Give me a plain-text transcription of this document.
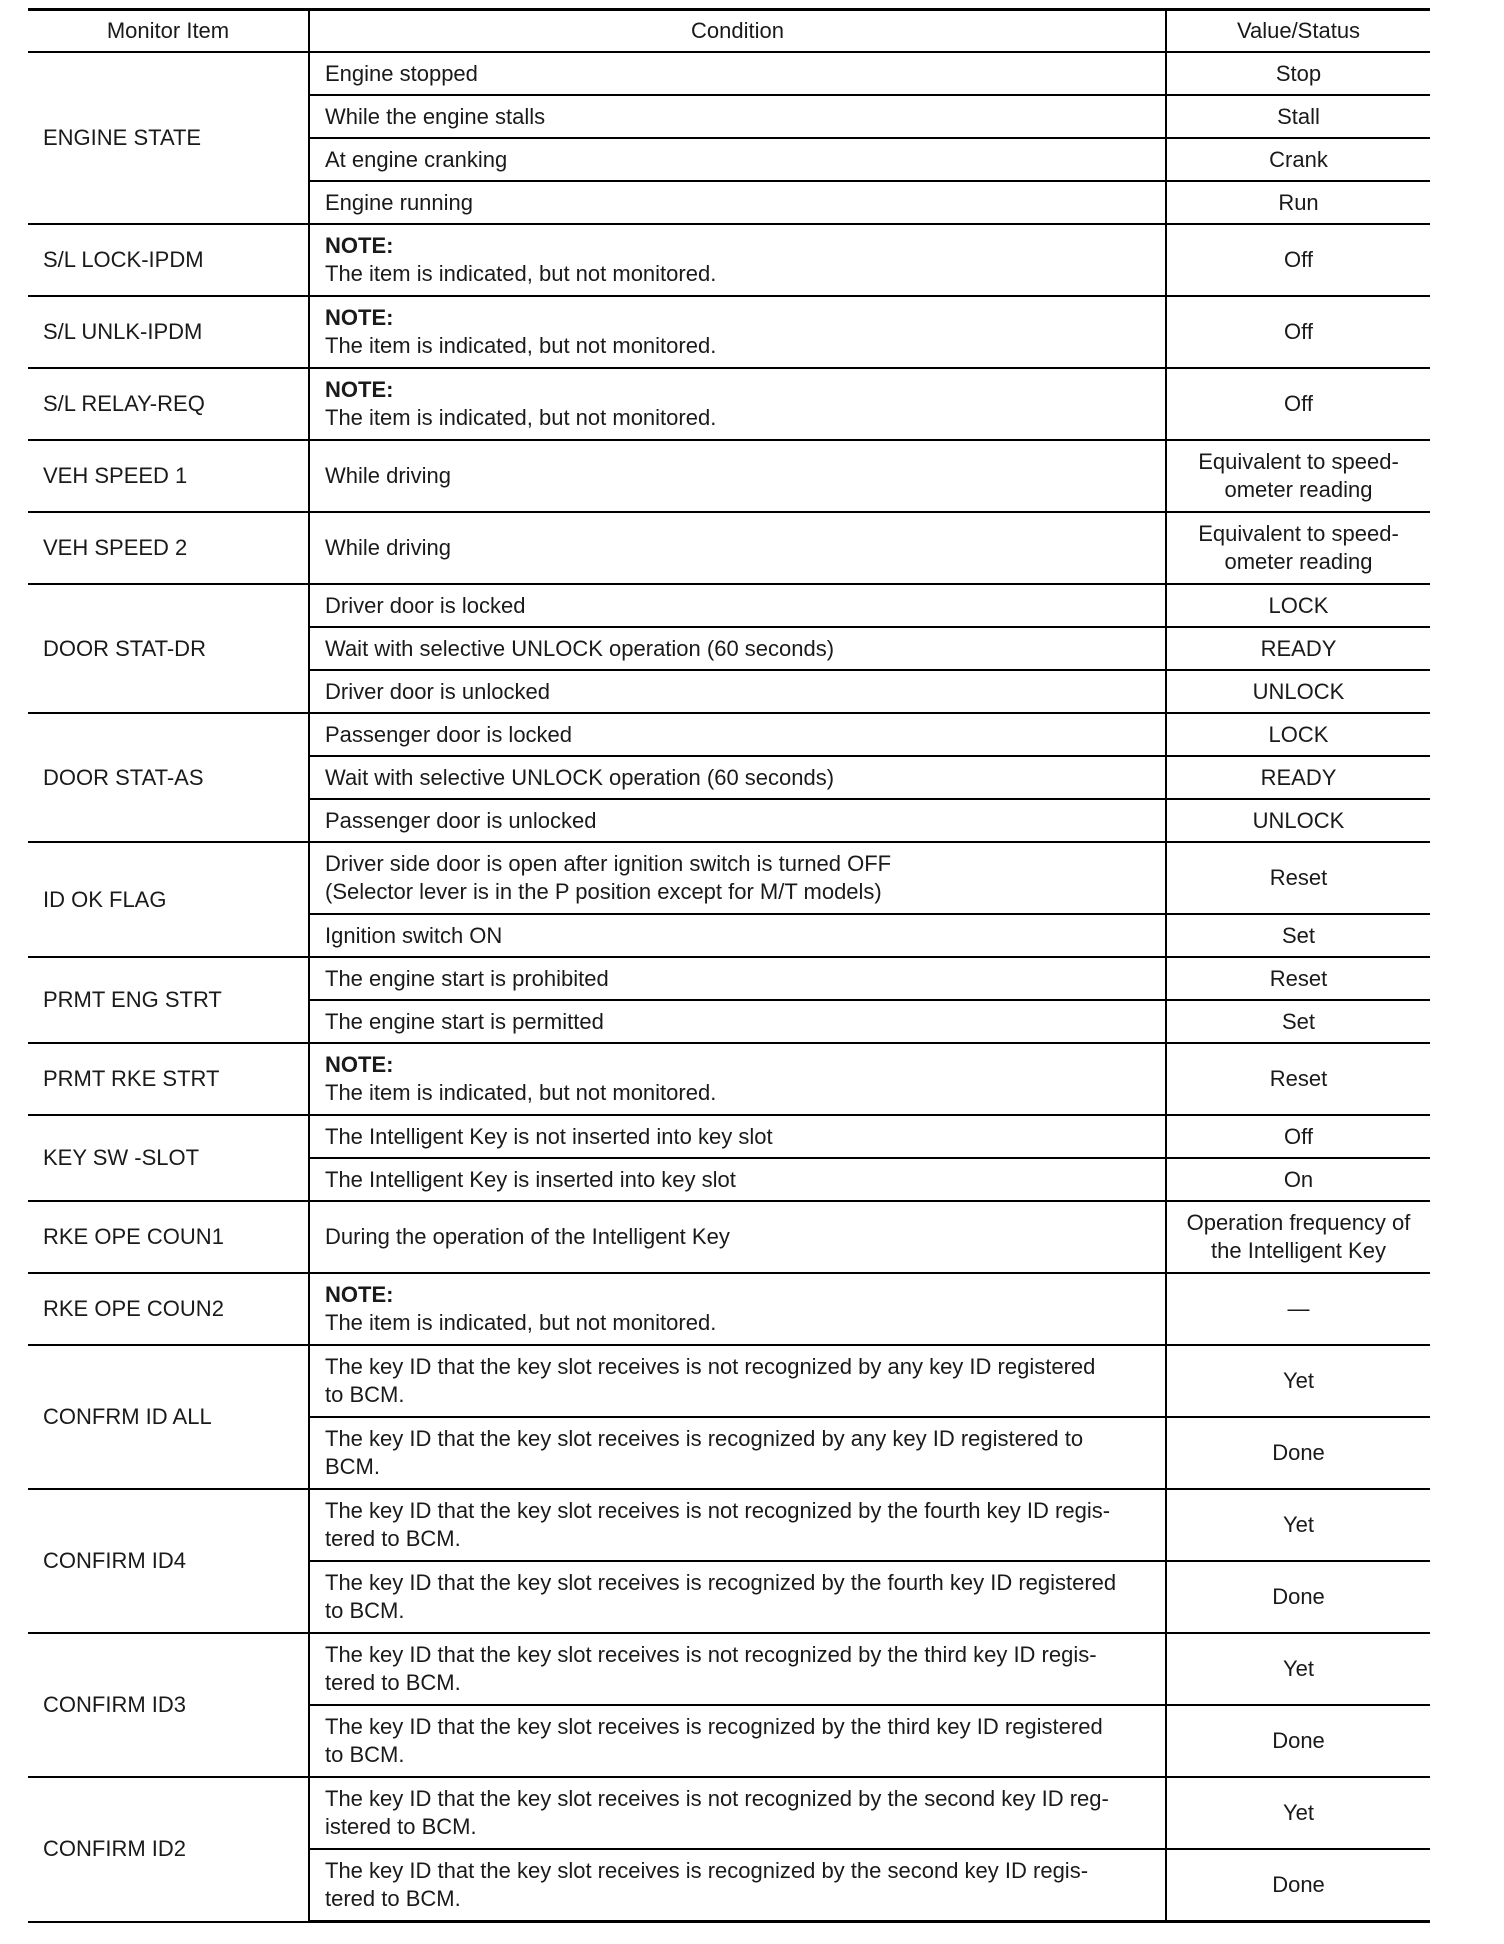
Monitor Item	Condition	Value/Status
ENGINE STATE	Engine stopped	Stop
	While the engine stalls	Stall
	At engine cranking	Crank
	Engine running	Run
S/L LOCK-IPDM	NOTE:
The item is indicated, but not monitored.	Off
S/L UNLK-IPDM	NOTE:
The item is indicated, but not monitored.	Off
S/L RELAY-REQ	NOTE:
The item is indicated, but not monitored.	Off
VEH SPEED 1	While driving	Equivalent to speed-
ometer reading

VEH SPEED 2	While driving	Equivalent to speed-
ometer reading

DOOR STAT-DR	Driver door is locked	LOCK
	Wait with selective UNLOCK operation (60 seconds)	READY
	Driver door is unlocked	UNLOCK
DOOR STAT-AS	Passenger door is locked	LOCK
	Wait with selective UNLOCK operation (60 seconds)	READY
	Passenger door is unlocked	UNLOCK
ID OK FLAG	Driver side door is open after ignition switch is turned OFF
(Selector lever is in the P position except for M/T models)	Reset
	Ignition switch ON	Set
PRMT ENG STRT	The engine start is prohibited	Reset
	The engine start is permitted	Set
PRMT RKE STRT	NOTE:
The item is indicated, but not monitored.	Reset
KEY SW -SLOT	The Intelligent Key is not inserted into key slot	Off
	The Intelligent Key is inserted into key slot	On
RKE OPE COUN1	During the operation of the Intelligent Key	Operation frequency of
the Intelligent Key

RKE OPE COUN2	NOTE:
The item is indicated, but not monitored.	—
CONFRM ID ALL	The key ID that the key slot receives is not recognized by any key ID registered
to BCM.	Yet

	The key ID that the key slot receives is recognized by any key ID registered to
BCM.	Done
CONFIRM ID4	The key ID that the key slot receives is not recognized by the fourth key ID regis-
tered to BCM.	Yet

	The key ID that the key slot receives is recognized by the fourth key ID registered
to BCM.	Done
CONFIRM ID3	The key ID that the key slot receives is not recognized by the third key ID regis-
tered to BCM.	Yet

	The key ID that the key slot receives is recognized by the third key ID registered
to BCM.	Done
CONFIRM ID2	The key ID that the key slot receives is not recognized by the second key ID reg-
istered to BCM.	Yet

	The key ID that the key slot receives is recognized by the second key ID regis-
tered to BCM.	Done
